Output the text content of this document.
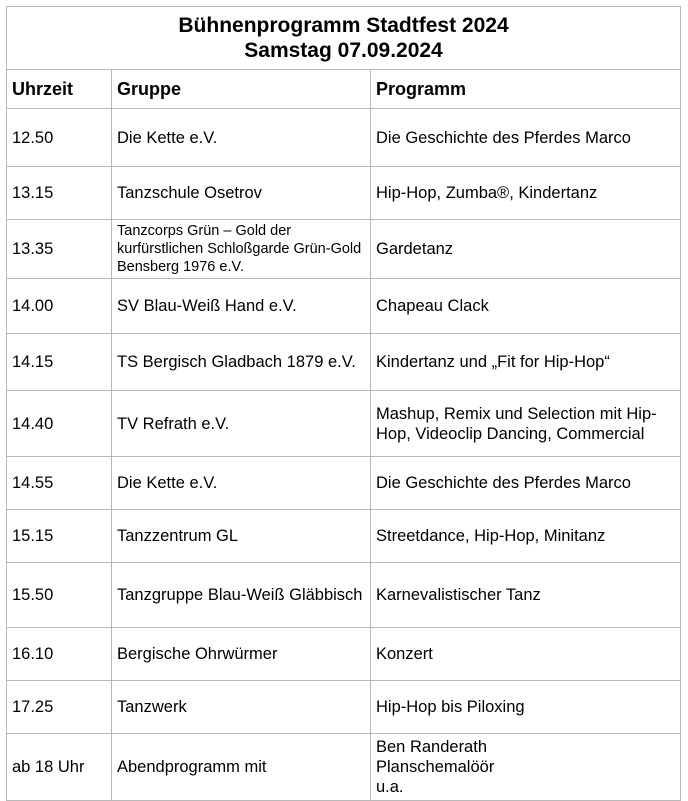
Bühnenprogramm Stadtfest 2024
Samstag 07.09.2024		

Uhrzeit	Gruppe	Programm
12.50	Die Kette e.V.	Die Geschichte des Pferdes Marco
13.15	Tanzschule Osetrov	Hip-Hop, Zumba®, Kindertanz
13.35	Tanzcorps Grün – Gold der kurfürstlichen Schloßgarde Grün-Gold Bensberg 1976 e.V.	Gardetanz
14.00	SV Blau-Weiß Hand e.V.	Chapeau Clack
14.15	TS Bergisch Gladbach 1879 e.V.	Kindertanz und „Fit for Hip-Hop“
14.40	TV Refrath e.V.	Mashup, Remix und Selection mit Hip-Hop, Videoclip Dancing, Commercial
14.55	Die Kette e.V.	Die Geschichte des Pferdes Marco
15.15	Tanzzentrum GL	Streetdance, Hip-Hop, Minitanz
15.50	Tanzgruppe Blau-Weiß Gläbbisch	Karnevalistischer Tanz
16.10	Bergische Ohrwürmer	Konzert
17.25	Tanzwerk	Hip-Hop bis Piloxing
ab 18 Uhr	Abendprogramm mit	Ben Randerath
Planschemalöör
u.a.
